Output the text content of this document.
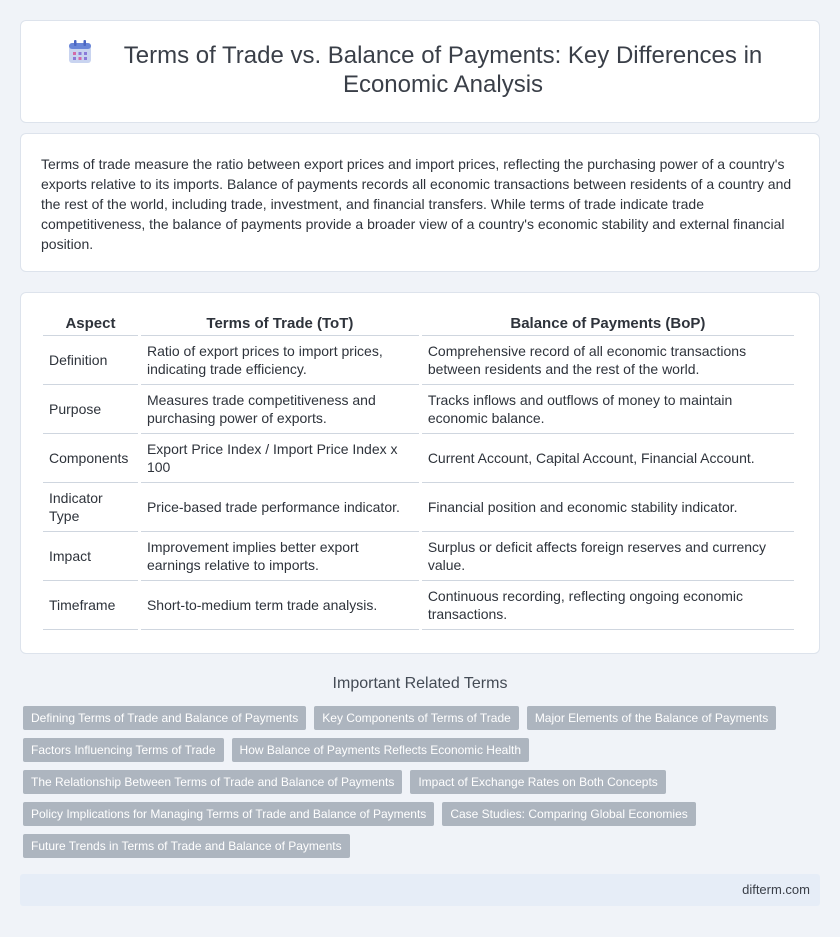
Terms of Trade vs. Balance of Payments: Key Differences in Economic Analysis

Terms of trade measure the ratio between export prices and import prices, reflecting the purchasing power of a country's exports relative to its imports. Balance of payments records all economic transactions between residents of a country and the rest of the world, including trade, investment, and financial transfers. While terms of trade indicate trade competitiveness, the balance of payments provide a broader view of a country's economic stability and external financial position.

Aspect	Terms of Trade (ToT)	Balance of Payments (BoP)
Definition	Ratio of export prices to import prices, indicating trade efficiency.	Comprehensive record of all economic transactions between residents and the rest of the world.
Purpose	Measures trade competitiveness and purchasing power of exports.	Tracks inflows and outflows of money to maintain economic balance.
Components	Export Price Index / Import Price Index x 100	Current Account, Capital Account, Financial Account.
Indicator Type	Price-based trade performance indicator.	Financial position and economic stability indicator.
Impact	Improvement implies better export earnings relative to imports.	Surplus or deficit affects foreign reserves and currency value.
Timeframe	Short-to-medium term trade analysis.	Continuous recording, reflecting ongoing economic transactions.
Important Related Terms
Defining Terms of Trade and Balance of Payments	Key Components of Terms of Trade	Major Elements of the Balance of Payments
Factors Influencing Terms of Trade	How Balance of Payments Reflects Economic Health
The Relationship Between Terms of Trade and Balance of Payments	Impact of Exchange Rates on Both Concepts
Policy Implications for Managing Terms of Trade and Balance of Payments	Case Studies: Comparing Global Economies
Future Trends in Terms of Trade and Balance of Payments
difterm.com
